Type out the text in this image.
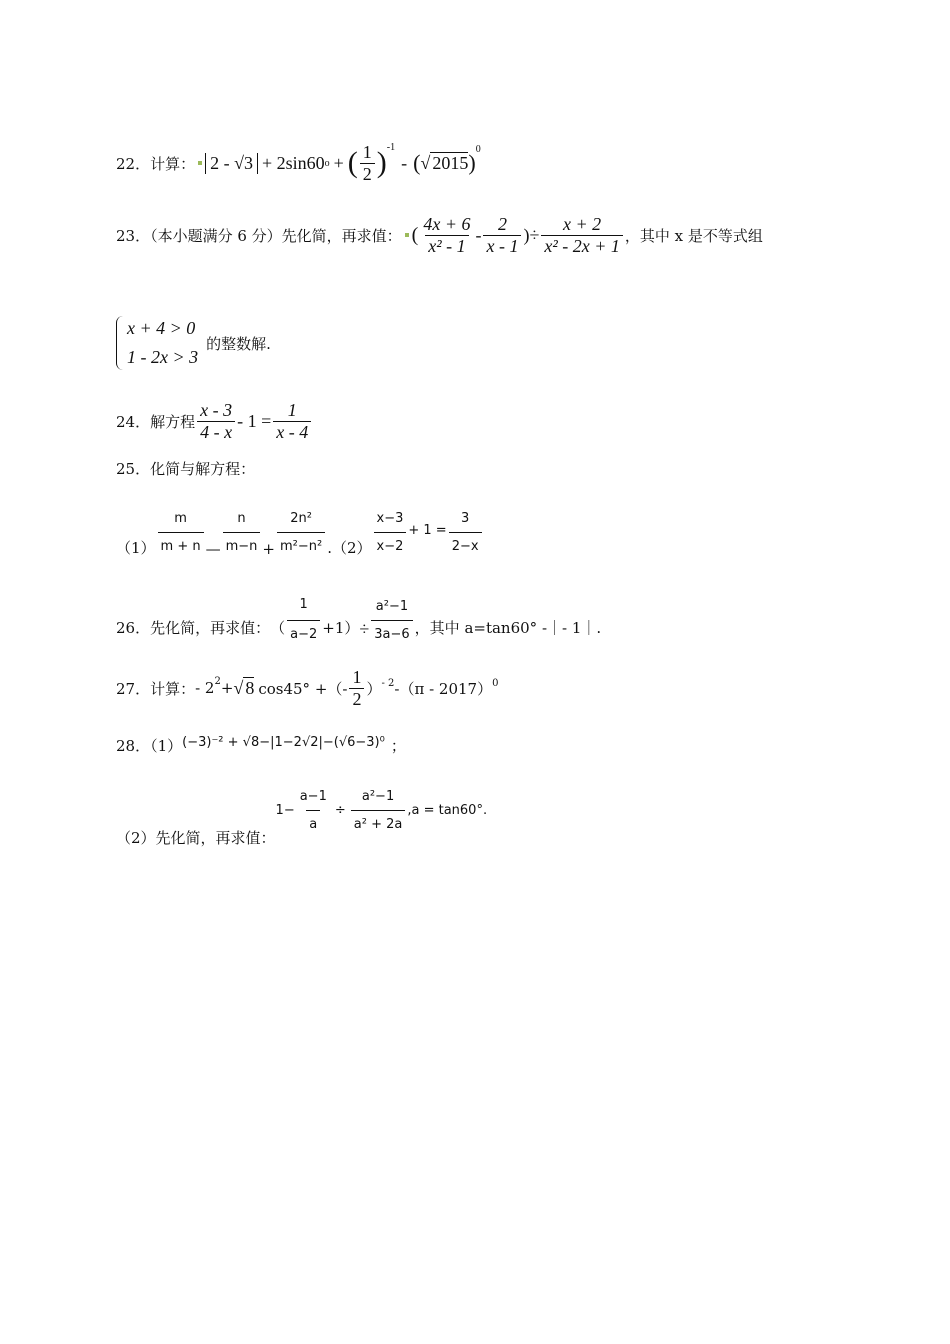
22．计算： 2 - √3 + 2sin60 o + ( $\frac{1}{2} )^{-1}$
- ( √ 2015 )
$^0$
23．（本小题满分 6 分）先化简，再求值： ( $\frac{4x + 6}{\text{x² - 1}} - \frac{2}{x - 1}$ )÷ $\frac{x + 2}{\text{x² - 2x + 1}}$ ，其中 x 是不等式组
x + 4 > 0
1 - 2x > 3
的整数解.
24．解方程 $\frac{x - 3}{4 - x} - 1 = \frac{1}{x - 4}$
25．化简与解方程：
$(1) \frac{m}{m + n}$ — $\frac{n}{m-n} + \frac{\text{2n²}}{\text{m²−n²}} .(2) \frac{x-3}{x-2} + 1 = \frac{3}{2-x}$
26．先化简，再求值： （ $\frac{1}{a-2} +1) \div \frac{\text{a²−1}}{3a-6}$ ，其中 a=tan60° -｜- 1｜.
27．计算： - $2^2$ + √ 8 cos45° +（- $\frac{1}{2} )^{- 2}$ -（π - 2017）$^0$
28．（1） (−3)⁻² + √8−|1−2√2|−(√6−3)⁰ ；
（2）先化简，再求值：
$1- \frac{a-1}{a} \div \frac{\text{a²−1}}{\text{a² + 2a}} ,a = \tan 60^\circ$.
